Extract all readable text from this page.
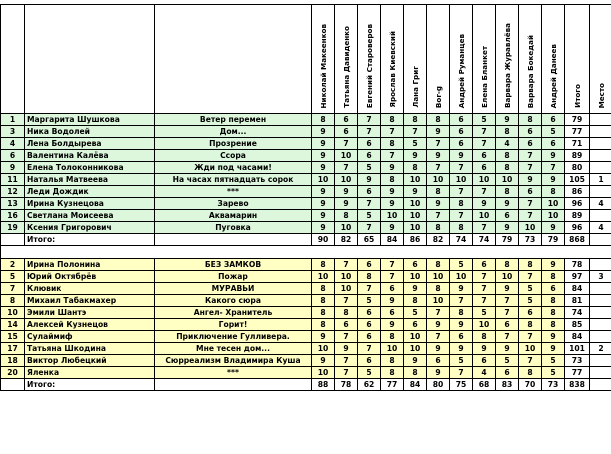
			Николай Макеенков	Татьяна Давиденко	Евгений Староверов	Ярослав Киевский	Лана Григ	Bor-g	Андрей Руманцев	Елена Бланкет	Варвара Журавлёва	Варвара Бокедай	Андрей Данеев	Итого	Место
1	Маргарита Шушкова	Ветер перемен	8	6	7	8	8	8	6	5	9	8	6	79	
3	Ника Водолей	Дом...	9	6	7	7	7	9	6	7	8	6	5	77	
4	Лена Болдырева	Прозрение	9	7	6	8	5	7	6	7	4	6	6	71	
6	Валентина Калёва	Ссора	9	10	6	7	9	9	9	6	8	7	9	89	
9	Елена Толоконникова	Жди под часами!	9	7	5	9	8	7	7	6	8	7	7	80	
11	Наталья Матвеева	На часах пятнадцать сорок	10	10	9	8	10	10	10	10	10	9	9	105	1
12	Леди Дождик	***	9	9	6	9	9	8	7	7	8	6	8	86	
13	Ирина Кузнецова	Зарево	9	9	7	9	10	9	8	9	9	7	10	96	4
16	Светлана Моисеева	Аквамарин	9	8	5	10	10	7	7	10	6	7	10	89	
19	Ксения Григорович	Пуговка	9	10	7	9	10	8	8	7	9	10	9	96	4
	Итого:		90	82	65	84	86	82	74	74	79	73	79	868	

2	Ирина Полонина	БЕЗ ЗАМКОВ	8	7	6	7	6	8	5	6	8	8	9	78	
5	Юрий Октябрёв	Пожар	10	10	8	7	10	10	10	7	10	7	8	97	3
7	Клювик	МУРАВЬИ	8	10	7	6	9	8	9	7	9	5	6	84	
8	Михаил Табакмахер	Какого сюра	8	7	5	9	8	10	7	7	7	5	8	81	
10	Эмили Шантэ	Ангел- Хранитель	8	8	6	6	5	7	8	5	7	6	8	74	
14	Алексей Кузнецов	Горит!	8	6	6	9	6	9	9	10	6	8	8	85	
15	Сулаймиф	Приключение Гулливера.	9	7	6	8	10	7	6	8	7	7	9	84	
17	Татьяна Шкодина	Мне тесен дом...	10	9	7	10	10	9	9	9	9	10	9	101	2
18	Виктор Любецкий	Сюрреализм Владимира Куша	9	7	6	8	9	6	5	6	5	7	5	73	
20	Яленка	***	10	7	5	8	8	9	7	4	6	8	5	77	
	Итого:		88	78	62	77	84	80	75	68	83	70	73	838	
